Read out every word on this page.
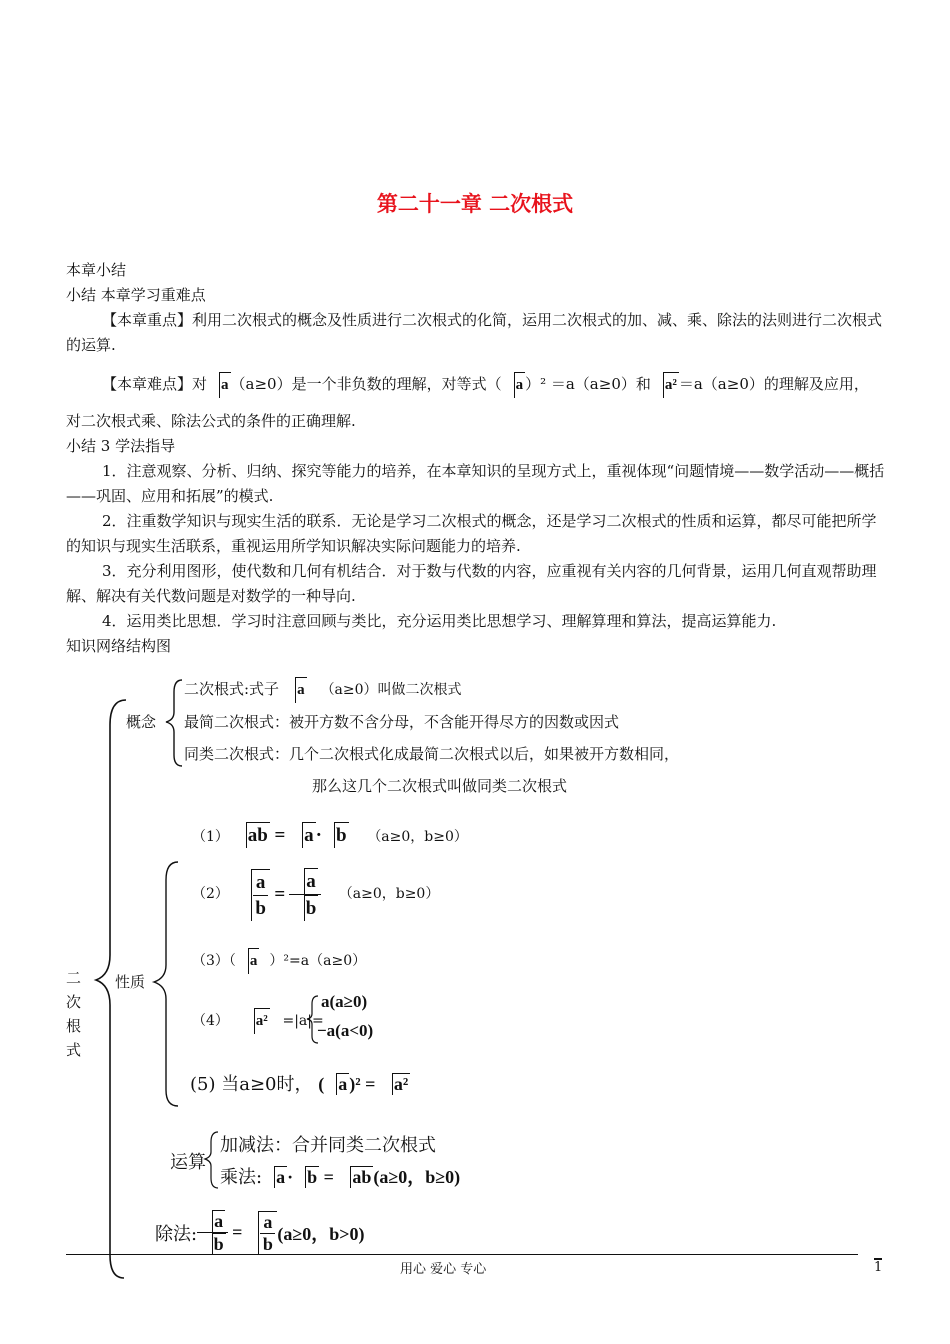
第二十一章 二次根式
本章小结
小结 本章学习重难点
【本章重点】利用二次根式的概念及性质进行二次根式的化简，运用二次根式的加、减、乘、除法的法则进行二次根式的运算.
【本章难点】对 a （a≥0）是一个非负数的理解，对等式（ a ）² ＝a（a≥0）和 a² ＝a（a≥0）的理解及应用，
对二次根式乘、除法公式的条件的正确理解.
小结 3 学法指导
1．注意观察、分析、归纳、探究等能力的培养，在本章知识的呈现方式上，重视体现“问题情境——数学活动——概括——巩固、应用和拓展”的模式.
2．注重数学知识与现实生活的联系．无论是学习二次根式的概念，还是学习二次根式的性质和运算，都尽可能把所学的知识与现实生活联系，重视运用所学知识解决实际问题能力的培养.
3．充分利用图形，使代数和几何有机结合．对于数与代数的内容，应重视有关内容的几何背景，运用几何直观帮助理解、解决有关代数问题是对数学的一种导向.
4．运用类比思想．学习时注意回顾与类比，充分运用类比思想学习、理解算理和算法，提高运算能力.
知识网络结构图
二
次
根
式
概念
二次根式:式子 a （a≥0）叫做二次根式
最简二次根式：被开方数不含分母，不含能开得尽方的因数或因式
同类二次根式：几个二次根式化成最简二次根式以后，如果被开方数相同，
那么这几个二次根式叫做同类二次根式
性质
（1） ab = a · b （a≥0，b≥0）
$(2) \frac{a}{b} = \frac{a}{b} (a\ge 0$，b≥0）
（3）（ a ）²=a（a≥0）
（4） a² =|a|=
a(a≥0)
−a(a<0)
(5) 当a≥0时， ( a )² = a²
运算
加减法：合并同类二次根式
乘法: a · b = ab (a≥0，b≥0)
除法: $\frac{a}{b} = \frac{a}{b} (a\ge 0$，b>0)
用心 爱心 专心	1
